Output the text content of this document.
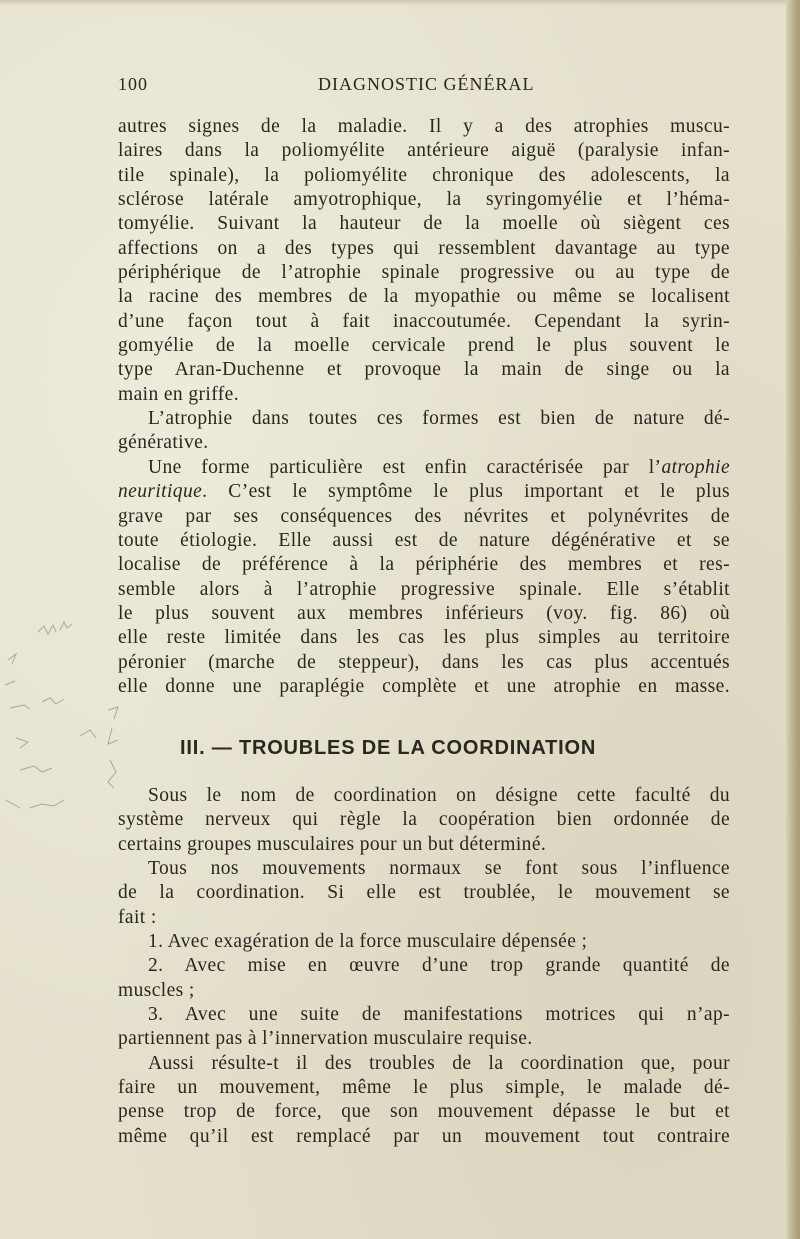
100	DIAGNOSTIC GÉNÉRAL
autres signes de la maladie. Il y a des atrophies muscu-
laires dans la poliomyélite antérieure aiguë (paralysie infan-
tile spinale), la poliomyélite chronique des adolescents, la
sclérose latérale amyotrophique, la syringomyélie et l’héma-
tomyélie. Suivant la hauteur de la moelle où siègent ces
affections on a des types qui ressemblent davantage au type
périphérique de l’atrophie spinale progressive ou au type de
la racine des membres de la myopathie ou même se localisent
d’une façon tout à fait inaccoutumée. Cependant la syrin-
gomyélie de la moelle cervicale prend le plus souvent le
type Aran-Duchenne et provoque la main de singe ou la
main en griffe.
L’atrophie dans toutes ces formes est bien de nature dé-
générative.
Une forme particulière est enfin caractérisée par l’atrophie
neuritique. C’est le symptôme le plus important et le plus
grave par ses conséquences des névrites et polynévrites de
toute étiologie. Elle aussi est de nature dégénérative et se
localise de préférence à la périphérie des membres et res-
semble alors à l’atrophie progressive spinale. Elle s’établit
le plus souvent aux membres inférieurs (voy. fig. 86) où
elle reste limitée dans les cas les plus simples au territoire
péronier (marche de steppeur), dans les cas plus accentués
elle donne une paraplégie complète et une atrophie en masse.
III. — TROUBLES DE LA COORDINATION
Sous le nom de coordination on désigne cette faculté du
système nerveux qui règle la coopération bien ordonnée de
certains groupes musculaires pour un but déterminé.
Tous nos mouvements normaux se font sous l’influence
de la coordination. Si elle est troublée, le mouvement se
fait :
1. Avec exagération de la force musculaire dépensée ;
2. Avec mise en œuvre d’une trop grande quantité de
muscles ;
3. Avec une suite de manifestations motrices qui n’ap-
partiennent pas à l’innervation musculaire requise.
Aussi résulte-t il des troubles de la coordination que, pour
faire un mouvement, même le plus simple, le malade dé-
pense trop de force, que son mouvement dépasse le but et
même qu’il est remplacé par un mouvement tout contraire
